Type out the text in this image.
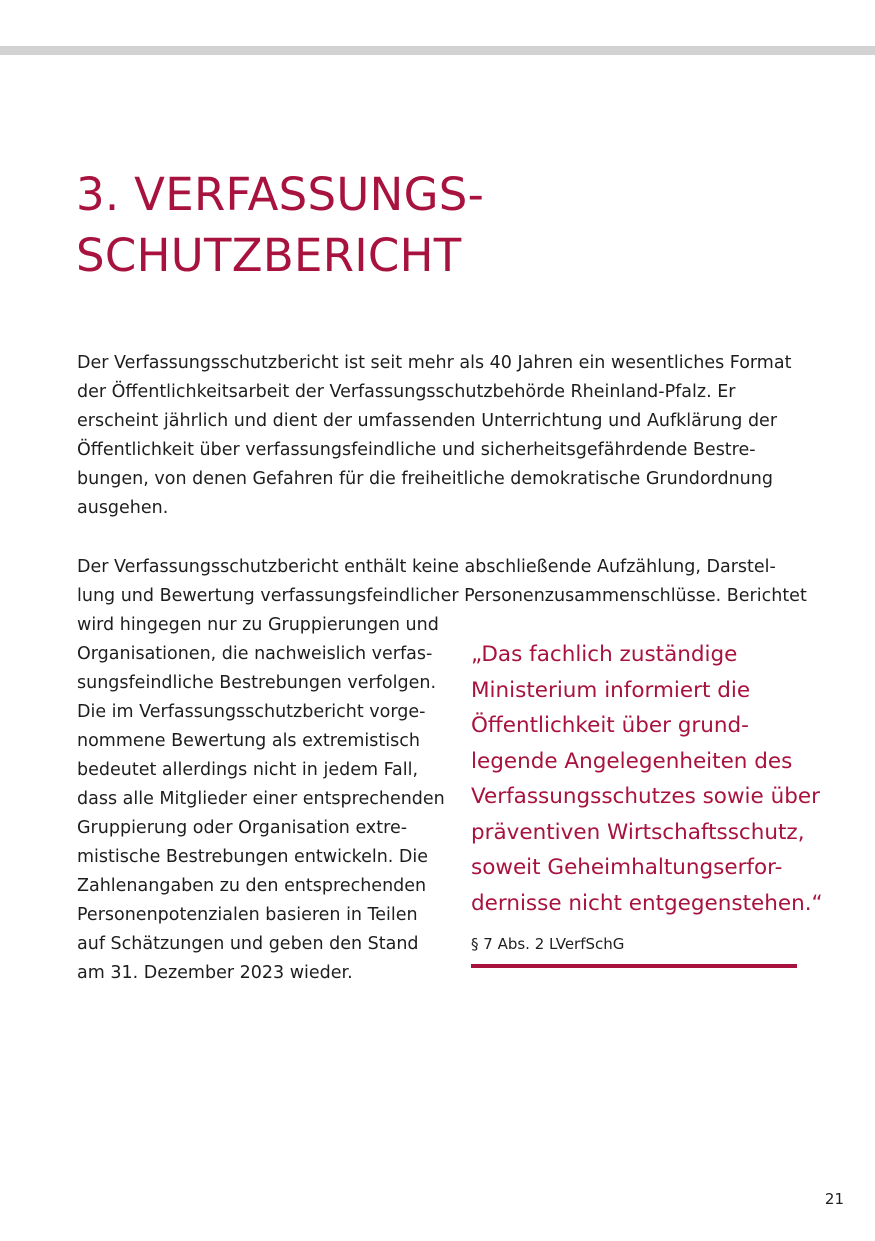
3. VERFASSUNGS-
SCHUTZBERICHT

Der Verfassungsschutzbericht ist seit mehr als 40 Jahren ein wesentliches Format
der Öffentlichkeitsarbeit der Verfassungsschutzbehörde Rheinland-Pfalz. Er
erscheint jährlich und dient der umfassenden Unterrichtung und Aufklärung der
Öffentlichkeit über verfassungsfeindliche und sicherheitsgefährdende Bestre-
bungen, von denen Gefahren für die freiheitliche demokratische Grundordnung
ausgehen.

Der Verfassungsschutzbericht enthält keine abschließende Aufzählung, Darstel-
lung und Bewertung verfassungsfeindlicher Personenzusammenschlüsse. Berichtet

wird hingegen nur zu Gruppierungen und
Organisationen, die nachweislich verfas-
sungsfeindliche Bestrebungen verfolgen.
Die im Verfassungsschutzbericht vorge-
nommene Bewertung als extremistisch
bedeutet allerdings nicht in jedem Fall,
dass alle Mitglieder einer entsprechenden
Gruppierung oder Organisation extre-
mistische Bestrebungen entwickeln. Die
Zahlenangaben zu den entsprechenden
Personenpotenzialen basieren in Teilen
auf Schätzungen und geben den Stand
am 31. Dezember 2023 wieder.

„Das fachlich zuständige
Ministerium informiert die
Öffentlichkeit über grund-
legende Angelegenheiten des
Verfassungsschutzes sowie über
präventiven Wirtschaftsschutz,
soweit Geheimhaltungserfor-
dernisse nicht entgegenstehen.“

§ 7 Abs. 2 LVerfSchG

21
